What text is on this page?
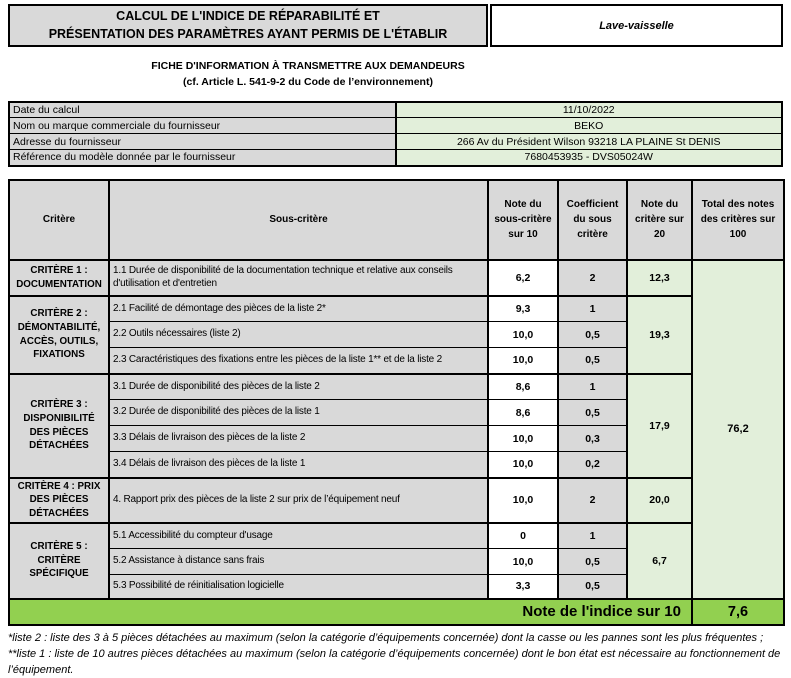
CALCUL DE L'INDICE DE RÉPARABILITÉ ET
PRÉSENTATION DES PARAMÈTRES AYANT PERMIS DE L'ÉTABLIR
Lave-vaisselle
FICHE D'INFORMATION À TRANSMETTRE AUX DEMANDEURS
(cf. Article L. 541-9-2 du Code de l’environnement)
Date du calcul	11/10/2022
Nom ou marque commerciale du fournisseur	BEKO
Adresse du fournisseur	266 Av du Président Wilson 93218 LA PLAINE St DENIS
Référence du modèle donnée par le fournisseur	7680453935 - DVS05024W
Critère	Sous-critère	Note du sous-critère sur 10	Coefficient du sous critère	Note du critère sur 20	Total des notes des critères sur 100
CRITÈRE 1 : DOCUMENTATION	1.1 Durée de disponibilité de la documentation technique et relative aux conseils d'utilisation et d'entretien	6,2	2	12,3	76,2
CRITÈRE 2 : DÉMONTABILITÉ, ACCÈS, OUTILS, FIXATIONS	2.1 Facilité de démontage des pièces de la liste 2*	9,3	1	19,3	
	2.2 Outils nécessaires (liste 2)	10,0	0,5		
	2.3 Caractéristiques des fixations entre les pièces de la liste 1** et de la liste 2	10,0	0,5		
CRITÈRE 3 : DISPONIBILITÉ DES PIÈCES DÉTACHÉES	3.1 Durée de disponibilité des pièces de la liste 2	8,6	1	17,9	
	3.2 Durée de disponibilité des pièces de la liste 1	8,6	0,5		
	3.3 Délais de livraison des pièces de la liste 2	10,0	0,3		
	3.4 Délais de livraison des pièces de la liste 1	10,0	0,2		
CRITÈRE 4 : PRIX DES PIÈCES DÉTACHÉES	4. Rapport prix des pièces de la liste 2 sur prix de l’équipement neuf	10,0	2	20,0	
CRITÈRE 5 : CRITÈRE SPÉCIFIQUE	5.1 Accessibilité du compteur d'usage	0	1	6,7	
	5.2 Assistance à distance sans frais	10,0	0,5		
	5.3 Possibilité de réinitialisation logicielle	3,3	0,5		
Note de l'indice sur 10					7,6

*liste 2 : liste des 3 à 5 pièces détachées au maximum (selon la catégorie d’équipements concernée) dont la casse ou les pannes sont les plus fréquentes ;

**liste 1 : liste de 10 autres pièces détachées au maximum (selon la catégorie d’équipements concernée) dont le bon état est nécessaire au fonctionnement de l’équipement.
